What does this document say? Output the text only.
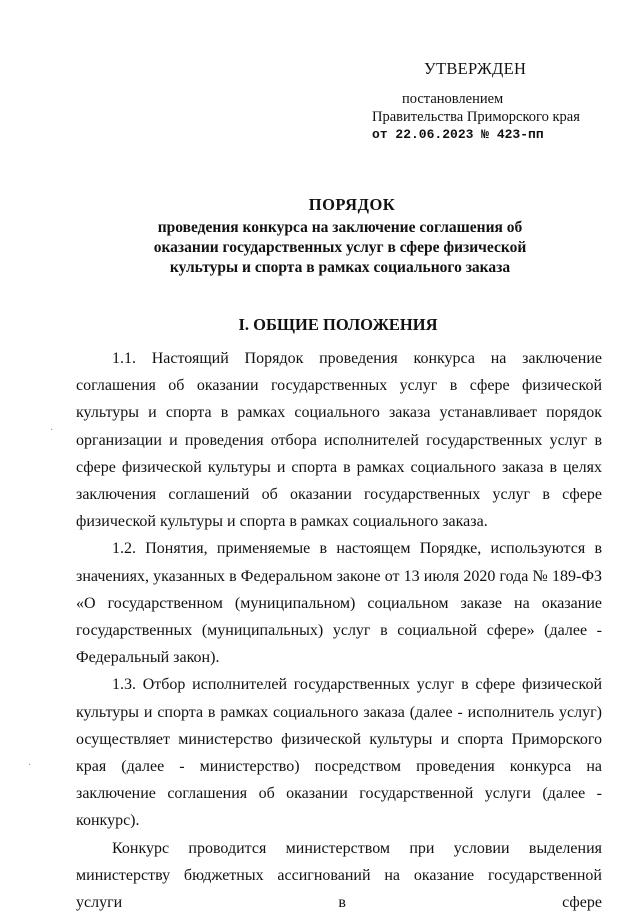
УТВЕРЖДЕН
постановлением
Правительства Приморского края
от 22.06.2023 № 423-пп
ПОРЯДОК
проведения конкурса на заключение соглашения об оказании государственных услуг в сфере физической культуры и спорта в рамках социального заказа
I. ОБЩИЕ ПОЛОЖЕНИЯ

1.1. Настоящий Порядок проведения конкурса на заключение соглашения об оказании государственных услуг в сфере физической культуры и спорта в рамках социального заказа устанавливает порядок организации и проведения отбора исполнителей государственных услуг в сфере физической культуры и спорта в рамках социального заказа в целях заключения соглашений об оказании государственных услуг в сфере физической культуры и спорта в рамках социального заказа.

1.2. Понятия, применяемые в настоящем Порядке, используются в значениях, указанных в Федеральном законе от 13 июля 2020 года № 189-ФЗ «О государственном (муниципальном) социальном заказе на оказание государственных (муниципальных) услуг в социальной сфере» (далее - Федеральный закон).

1.3. Отбор исполнителей государственных услуг в сфере физической культуры и спорта в рамках социального заказа (далее - исполнитель услуг) осуществляет министерство физической культуры и спорта Приморского края (далее - министерство) посредством проведения конкурса на заключение соглашения об оказании государственной услуги (далее - конкурс).

Конкурс проводится министерством при условии выделения министерству бюджетных ассигнований на оказание государственной услуги в сфере

·
·
